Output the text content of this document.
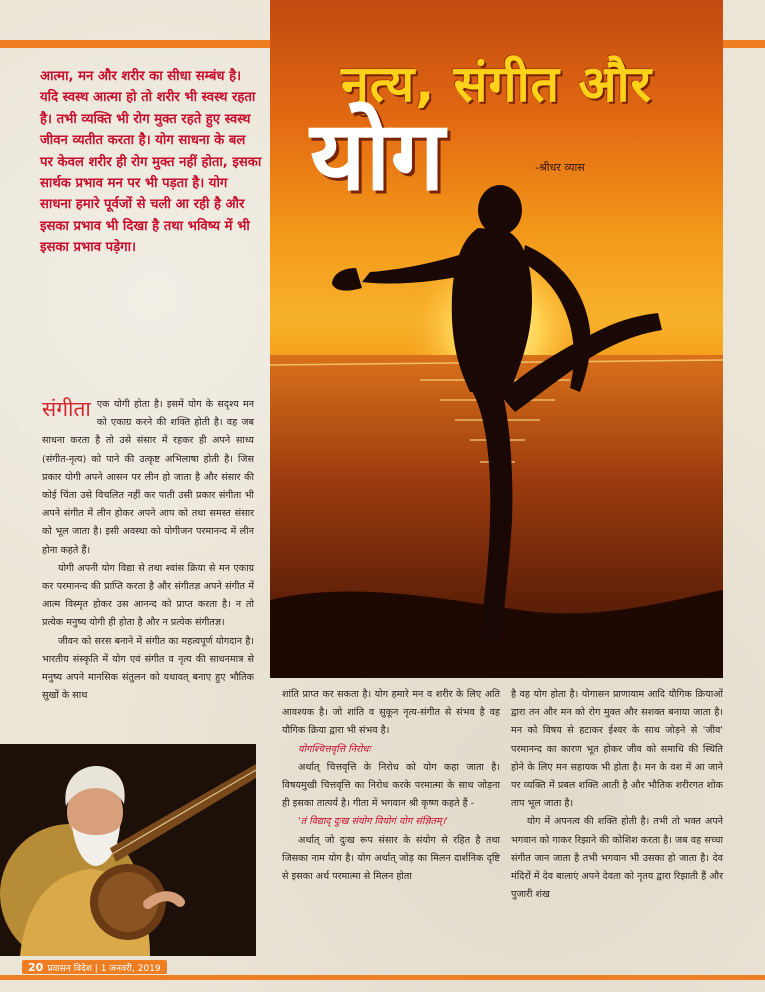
नृत्य, संगीत और
योग	-श्रीधर व्यास
आत्मा, मन और शरीर का सीधा सम्बंध है। यदि स्वस्थ आत्मा हो तो शरीर भी स्वस्थ रहता है। तभी व्यक्ति भी रोग मुक्त रहते हुए स्वस्थ जीवन व्यतीत करता है। योग साधना के बल पर केवल शरीर ही रोग मुक्त नहीं होता, इसका सार्थक प्रभाव मन पर भी पड़ता है। योग साधना हमारे पूर्वजों से चली आ रही है और इसका प्रभाव भी दिखा है तथा भविष्य में भी इसका प्रभाव पड़ेगा।

संगीता एक योगी होता है। इसमें योग के सदृश्य मन को एकाग्र करने की शक्ति होती है। वह जब साधना करता है तो उसे संसार में रहकर ही अपने साध्य (संगीत-नृत्य) को पाने की उत्कृष्ट अभिलाषा होती है। जिस प्रकार योगी अपने आसन पर लीन हो जाता है और संसार की कोई चिंता उसे विचलित नहीं कर पाती उसी प्रकार संगीता भी अपने संगीत में लीन होकर अपने आप को तथा समस्त संसार को भूल जाता है। इसी अवस्था को योगीजन परमानन्द में लीन होना कहते हैं।

योगी अपनी योग विद्या से तथा श्वांस क्रिया से मन एकाग्र कर परमानन्द की प्राप्ति करता है और संगीतज्ञ अपने संगीत में आत्म विस्मृत होकर उस आनन्द को प्राप्त करता है। न तो प्रत्येक मनुष्य योगी ही होता है और न प्रत्येक संगीतज्ञ।

जीवन को सरस बनाने में संगीत का महत्वपूर्ण योगदान है। भारतीय संस्कृति में योग एवं संगीत व नृत्य की साधनमात्र से मनुष्य अपने मानसिक संतुलन को यथावत् बनाए हुए भौतिक सुखों के साथ	शांति प्राप्त कर सकता है। योग हमारे मन व शरीर के लिए अति आवश्यक है। जो शांति व सुकून नृत्य-संगीत से संभव है वह यौगिक क्रिया द्वारा भी संभव है।

योगश्चित्तवृत्ति निरोधः

अर्थात् चित्तवृत्ति के निरोध को योग कहा जाता है। विषयमुखी चित्तवृत्ति का निरोध करके परमात्मा के साथ जोड़ना ही इसका तात्पर्य है। गीता में भगवान श्री कृष्ण कहते हैं -

'तं विद्याद् दुःख संयोग वियोगं योग संज्ञितम्।'

अर्थात् जो दुःख रूप संसार के संयोग से रहित है तथा जिसका नाम योग है। योग अर्थात् जोड़ का मिलन दार्शनिक दृष्टि से इसका अर्थ परमात्मा से मिलन होता

है वह योग होता है। योगासन प्राणायाम आदि यौगिक क्रियाओं द्वारा तन और मन को रोग मुक्त और सशक्त बनाया जाता है। मन को विषय से हटाकर ईश्वर के साथ जोड़ने से 'जीव' परमानन्द का कारण भूत होकर जीव को समाधि की स्थिति होने के लिए मन सहायक भी होता है। मन के वश में आ जाने पर व्यक्ति में प्रबल शक्ति आती है और भौतिक शरीरगत शोक ताप भूल जाता है।

योग में अपनत्व की शक्ति होती है। तभी तो भक्त अपने भगवान को गाकर रिझाने की कोशिश करता है। जब वह सच्चा संगीत जान जाता है तभी भगवान भी उसका हो जाता है। देव मंदिरों में देव बालाएं अपने देवता को नृतय द्वारा रिझाती हैं और पुजारी शंख

20 प्रवासन विदेश | 1 जनवरी, 2019
